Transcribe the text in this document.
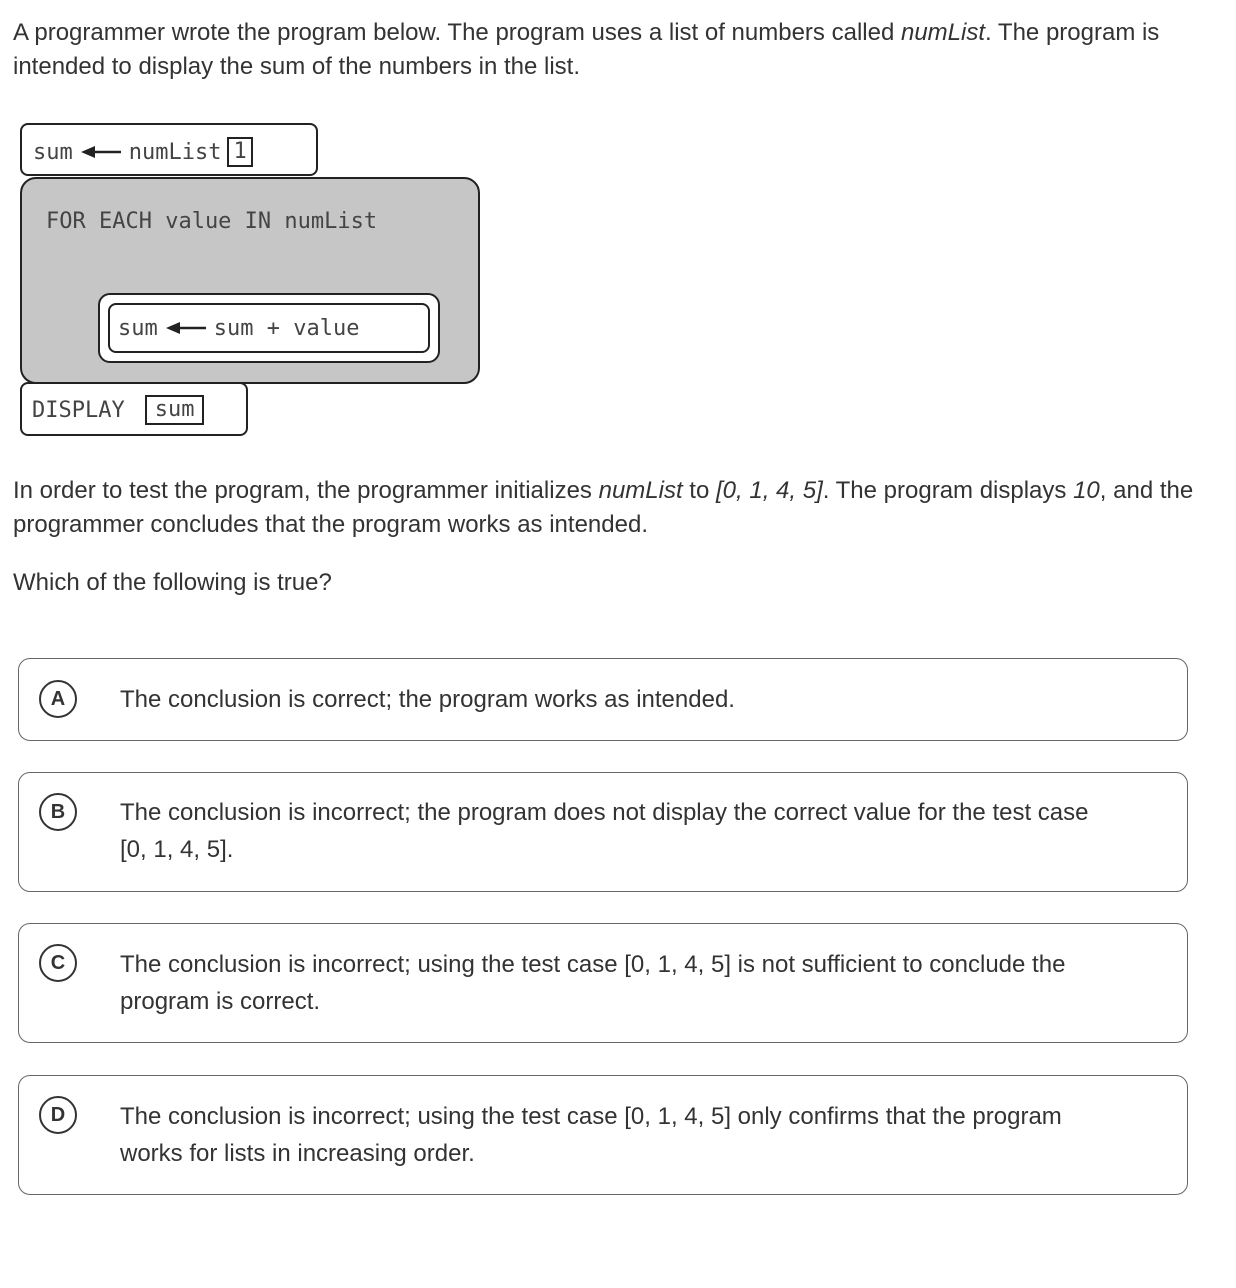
A programmer wrote the program below. The program uses a list of numbers called numList. The program is intended to display the sum of the numbers in the list.

sum	numList 1
FOR EACH value IN numList
sum	sum + value
DISPLAY	sum

In order to test the program, the programmer initializes numList to [0, 1, 4, 5]. The program displays 10, and the programmer concludes that the program works as intended.

Which of the following is true?

A	The conclusion is correct; the program works as intended.
B	The conclusion is incorrect; the program does not display the correct value for the test case [0, 1, 4, 5].
C	The conclusion is incorrect; using the test case [0, 1, 4, 5] is not sufficient to conclude the program is correct.
D	The conclusion is incorrect; using the test case [0, 1, 4, 5] only confirms that the program works for lists in increasing order.
